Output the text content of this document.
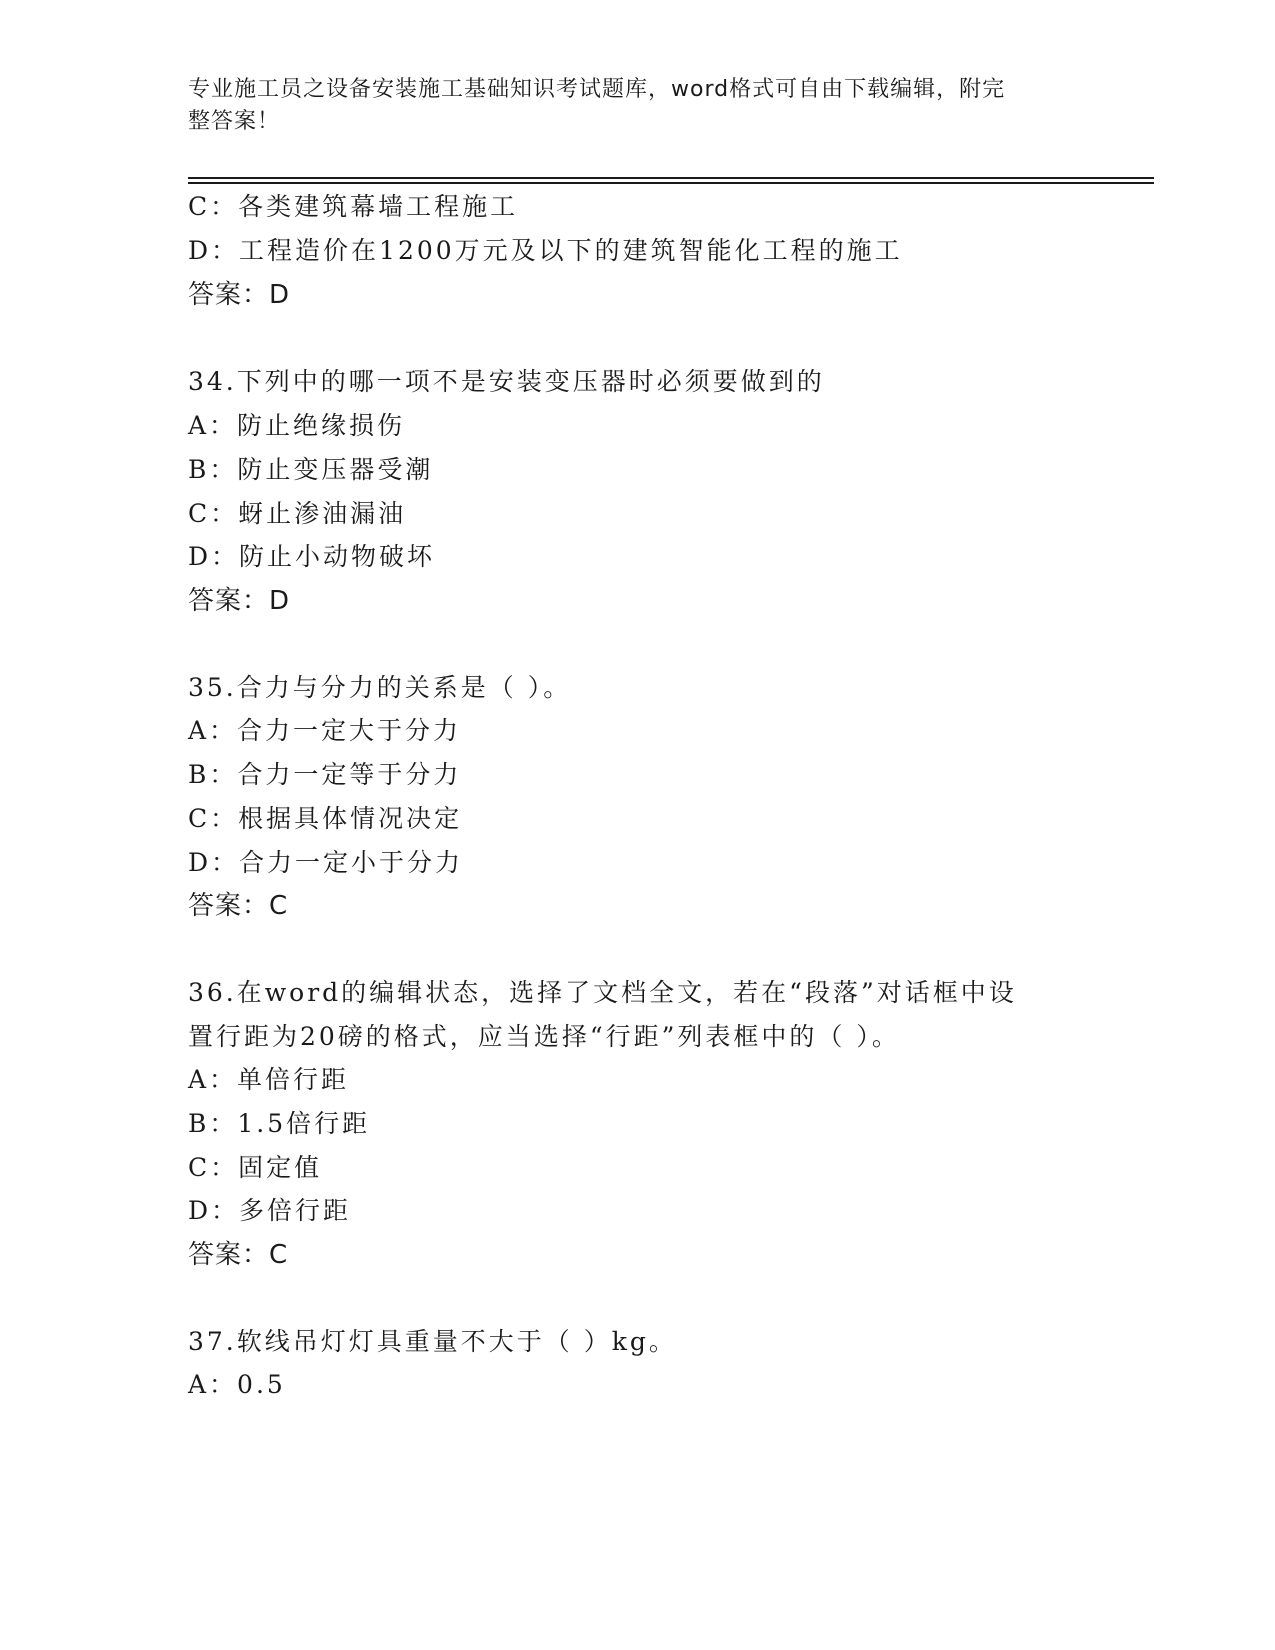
专业施工员之设备安装施工基础知识考试题库，word格式可自由下载编辑，附完
整答案！
C：各类建筑幕墙工程施工
D：工程造价在1200万元及以下的建筑智能化工程的施工
答案：D
34.下列中的哪一项不是安装变压器时必须要做到的
A：防止绝缘损伤
B：防止变压器受潮
C：蚜止渗油漏油
D：防止小动物破坏
答案：D
35.合力与分力的关系是（ ）。
A：合力一定大于分力
B：合力一定等于分力
C：根据具体情况决定
D：合力一定小于分力
答案：C
36.在word的编辑状态，选择了文档全文，若在“段落”对话框中设
置行距为20磅的格式，应当选择“行距”列表框中的（ ）。
A：单倍行距
B：1.5倍行距
C：固定值
D：多倍行距
答案：C
37.软线吊灯灯具重量不大于（ ）kg。
A：0.5
